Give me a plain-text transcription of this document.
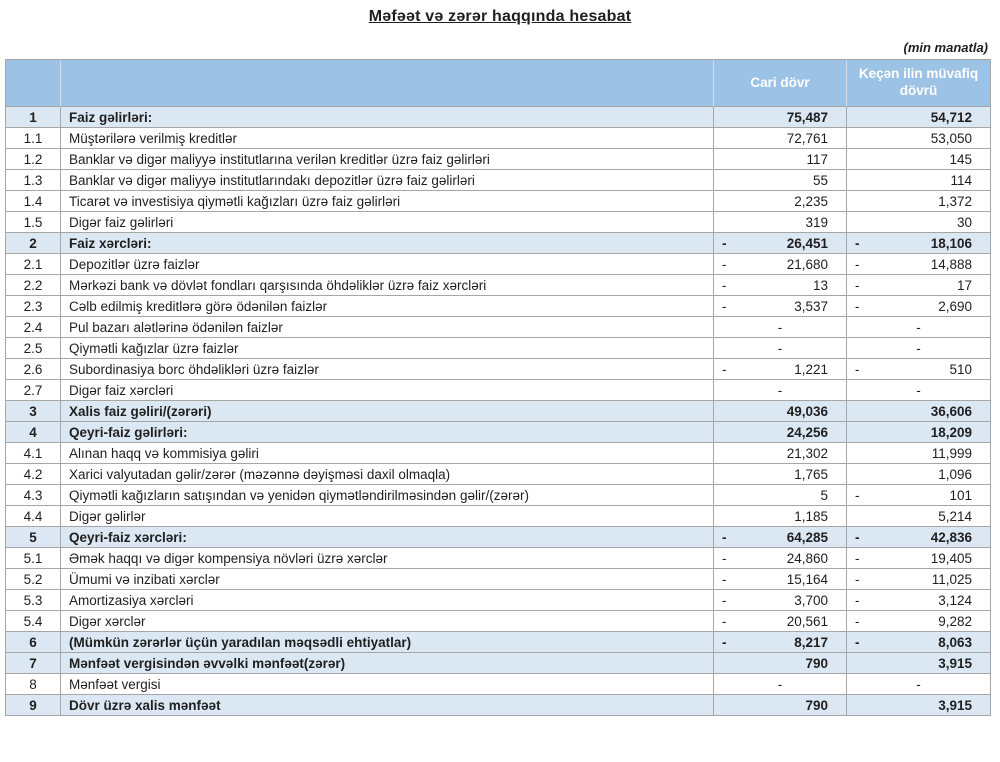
Məfəət və zərər haqqında hesabat
(min manatla)
		Cari dövr	Keçən ilin müvafiq dövrü
1	Faiz gəlirləri:	75,487	54,712

1.1	Müştərilərə verilmiş kreditlər	72,761	53,050

1.2	Banklar və digər maliyyə institutlarına verilən kreditlər üzrə faiz gəlirləri	117	145

1.3	Banklar və digər maliyyə institutlarındakı depozitlər üzrə faiz gəlirləri	55	114

1.4	Ticarət və investisiya qiymətli kağızları üzrə faiz gəlirləri	2,235	1,372

1.5	Digər faiz gəlirləri	319	30

2	Faiz xərcləri:	- 26,451	- 18,106

2.1	Depozitlər üzrə faizlər	- 21,680	- 14,888

2.2	Mərkəzi bank və dövlət fondları qarşısında öhdəliklər üzrə faiz xərcləri	- 13	- 17

2.3	Cəlb edilmiş kreditlərə görə ödənilən faizlər	- 3,537	- 2,690

2.4	Pul bazarı alətlərinə ödənilən faizlər	-	-

2.5	Qiymətli kağızlar üzrə faizlər	-	-

2.6	Subordinasiya borc öhdəlikləri üzrə faizlər	- 1,221	- 510

2.7	Digər faiz xərcləri	-	-

3	Xalis faiz gəliri/(zərəri)	49,036	36,606

4	Qeyri-faiz gəlirləri:	24,256	18,209

4.1	Alınan haqq və kommisiya gəliri	21,302	11,999

4.2	Xarici valyutadan gəlir/zərər (məzənnə dəyişməsi daxil olmaqla)	1,765	1,096

4.3	Qiymətli kağızların satışından və yenidən qiymətləndirilməsindən gəlir/(zərər)	5	- 101

4.4	Digər gəlirlər	1,185	5,214

5	Qeyri-faiz xərcləri:	- 64,285	- 42,836

5.1	Əmək haqqı və digər kompensiya növləri üzrə xərclər	- 24,860	- 19,405

5.2	Ümumi və inzibati xərclər	- 15,164	- 11,025

5.3	Amortizasiya xərcləri	- 3,700	- 3,124

5.4	Digər xərclər	- 20,561	- 9,282

6	(Mümkün zərərlər üçün yaradılan məqsədli ehtiyatlar)	- 8,217	- 8,063

7	Mənfəət vergisindən əvvəlki mənfəət(zərər)	790	3,915

8	Mənfəət vergisi	-	-

9	Dövr üzrə xalis mənfəət	790	3,915
